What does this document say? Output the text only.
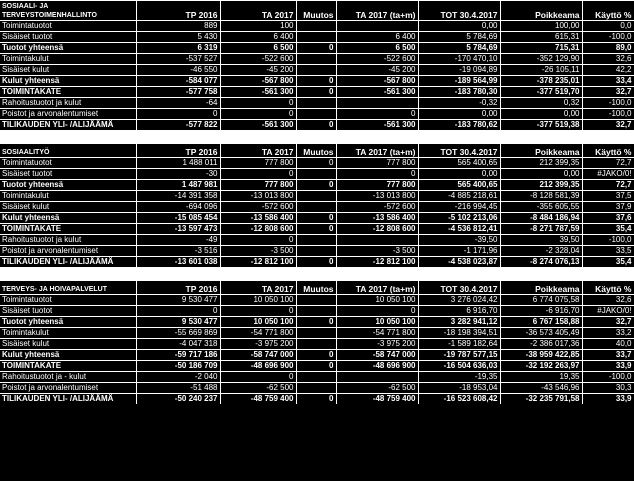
SOSIAALI- JA
TERVEYSTOIMENHALLINTO	TP 2016	TA 2017	Muutos	TA 2017 (ta+m)	TOT 30.4.2017	Poikkeama	Käyttö %
Toimintatuotot	889	100			0,00	100,00	0,0
Sisäiset tuotot	5 430	6 400		6 400	5 784,69	615,31	-100,0
Tuotot yhteensä	6 319	6 500	0	6 500	5 784,69	715,31	89,0
Toimintakulut	-537 527	-522 600		-522 600	-170 470,10	-352 129,90	32,6
Sisäiset kulut	-46 550	-45 200		-45 200	-19 094,89	-26 105,11	42,2
Kulut yhteensä	-584 077	-567 800	0	-567 800	-189 564,99	-378 235,01	33,4
TOIMINTAKATE	-577 758	-561 300	0	-561 300	-183 780,30	-377 519,70	32,7
Rahoitustuotot ja kulut	-64	0			-0,32	0,32	-100,0
Poistot ja arvonalentumiset	0	0		0	0,00	0,00	-100,0
TILIKAUDEN YLI- /ALIJÄÄMÄ	-577 822	-561 300	0	-561 300	-183 780,62	-377 519,38	32,7
SOSIAALITYÖ	TP 2016	TA 2017	Muutos	TA 2017 (ta+m)	TOT 30.4.2017	Poikkeama	Käyttö %
Toimintatuotot	1 488 011	777 800	0	777 800	565 400,65	212 399,35	72,7
Sisäiset tuotot	-30	0		0	0,00	0,00	#JAKO/0!
Tuotot yhteensä	1 487 981	777 800	0	777 800	565 400,65	212 399,35	72,7
Toimintakulut	-14 391 358	-13 013 800		-13 013 800	-4 885 218,61	-8 128 581,39	37,5
Sisäiset kulut	-694 096	-572 600		-572 600	-216 994,45	-355 605,55	37,9
Kulut yhteensä	-15 085 454	-13 586 400	0	-13 586 400	-5 102 213,06	-8 484 186,94	37,6
TOIMINTAKATE	-13 597 473	-12 808 600	0	-12 808 600	-4 536 812,41	-8 271 787,59	35,4
Rahoitustuotot ja kulut	-49	0			-39,50	39,50	-100,0
Poistot ja arvonalentumiset	-3 516	-3 500		-3 500	-1 171,96	-2 328,04	33,5
TILIKAUDEN YLI- /ALIJÄÄMÄ	-13 601 038	-12 812 100	0	-12 812 100	-4 538 023,87	-8 274 076,13	35,4
TERVEYS- JA HOIVAPALVELUT	TP 2016	TA 2017	Muutos	TA 2017 (ta+m)	TOT 30.4.2017	Poikkeama	Käyttö %
Toimintatuotot	9 530 477	10 050 100		10 050 100	3 276 024,42	6 774 075,58	32,6
Sisäiset tuotot	0	0		0	6 916,70	-6 916,70	#JAKO/0!
Tuotot yhteensä	9 530 477	10 050 100	0	10 050 100	3 282 941,12	6 767 158,88	32,7
Toimintakulut	-55 669 869	-54 771 800		-54 771 800	-18 198 394,51	-36 573 405,49	33,2
Sisäiset kulut	-4 047 318	-3 975 200		-3 975 200	-1 589 182,64	-2 386 017,36	40,0
Kulut yhteensä	-59 717 186	-58 747 000	0	-58 747 000	-19 787 577,15	-38 959 422,85	33,7
TOIMINTAKATE	-50 186 709	-48 696 900	0	-48 696 900	-16 504 636,03	-32 192 263,97	33,9
Rahoitustuotot ja - kulut	-2 040	0			-19,35	19,35	-100,0
Poistot ja arvonalentumiset	-51 488	-62 500		-62 500	-18 953,04	-43 546,96	30,3
TILIKAUDEN YLI- /ALIJÄÄMÄ	-50 240 237	-48 759 400	0	-48 759 400	-16 523 608,42	-32 235 791,58	33,9
